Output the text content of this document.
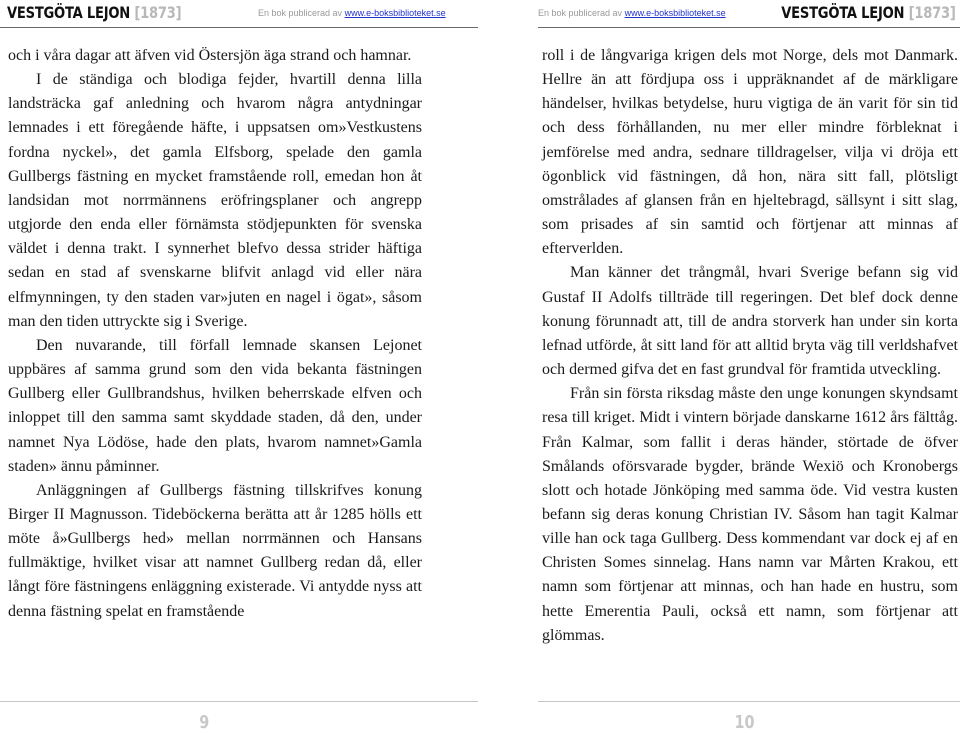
VESTGÖTA LEJON [1873]	En bok publicerad av www.e-boksbiblioteket.se

och i våra dagar att äfven vid Östersjön äga strand och hamnar.

I de ständiga och blodiga fejder, hvartill denna lilla landsträcka gaf anledning och hvarom några antydningar lemnades i ett föregående häfte, i uppsatsen om»Vestkustens fordna nyckel», det gamla Elfsborg, spelade den gamla Gullbergs fästning en mycket framstående roll, emedan hon åt landsidan mot norrmännens eröfringsplaner och angrepp utgjorde den enda eller förnämsta stödjepunkten för svenska väldet i denna trakt. I synnerhet blefvo dessa strider häftiga sedan en stad af svenskarne blifvit anlagd vid eller nära elfmynningen, ty den staden var»juten en nagel i ögat», såsom man den tiden uttryckte sig i Sverige.

Den nuvarande, till förfall lemnade skansen Lejonet uppbäres af samma grund som den vida bekanta fästningen Gullberg eller Gullbrandshus, hvilken beherrskade elfven och inloppet till den samma samt skyddade staden, då den, under namnet Nya Lödöse, hade den plats, hvarom namnet»Gamla staden» ännu påminner.

Anläggningen af Gullbergs fästning tillskrifves konung Birger II Magnusson. Tideböckerna berätta att år 1285 hölls ett möte å»Gullbergs hed» mellan norrmännen och Hansans fullmäktige, hvilket visar att namnet Gullberg redan då, eller långt före fästningens enläggning existerade. Vi antydde nyss att denna fästning spelat en framstående

9
En bok publicerad av www.e-boksbiblioteket.se	VESTGÖTA LEJON [1873]

roll i de långvariga krigen dels mot Norge, dels mot Danmark. Hellre än att fördjupa oss i uppräknandet af de märkligare händelser, hvilkas betydelse, huru vigtiga de än varit för sin tid och dess förhållanden, nu mer eller mindre förbleknat i jemförelse med andra, sednare tilldragelser, vilja vi dröja ett ögonblick vid fästningen, då hon, nära sitt fall, plötsligt omstrålades af glansen från en hjeltebragd, sällsynt i sitt slag, som prisades af sin samtid och förtjenar att minnas af efterverlden.

Man känner det trångmål, hvari Sverige befann sig vid Gustaf II Adolfs tillträde till regeringen. Det blef dock denne konung förunnadt att, till de andra storverk han under sin korta lefnad utförde, åt sitt land för att alltid bryta väg till verldshafvet och dermed gifva det en fast grundval för framtida utveckling.

Från sin första riksdag måste den unge konungen skyndsamt resa till kriget. Midt i vintern började danskarne 1612 års fälttåg. Från Kalmar, som fallit i deras händer, störtade de öfver Smålands oförsvarade bygder, brände Wexiö och Kronobergs slott och hotade Jönköping med samma öde. Vid vestra kusten befann sig deras konung Christian IV. Såsom han tagit Kalmar ville han ock taga Gullberg. Dess kommendant var dock ej af en Christen Somes sinnelag. Hans namn var Mårten Krakou, ett namn som förtjenar att minnas, och han hade en hustru, som hette Emerentia Pauli, också ett namn, som förtjenar att glömmas.

10
